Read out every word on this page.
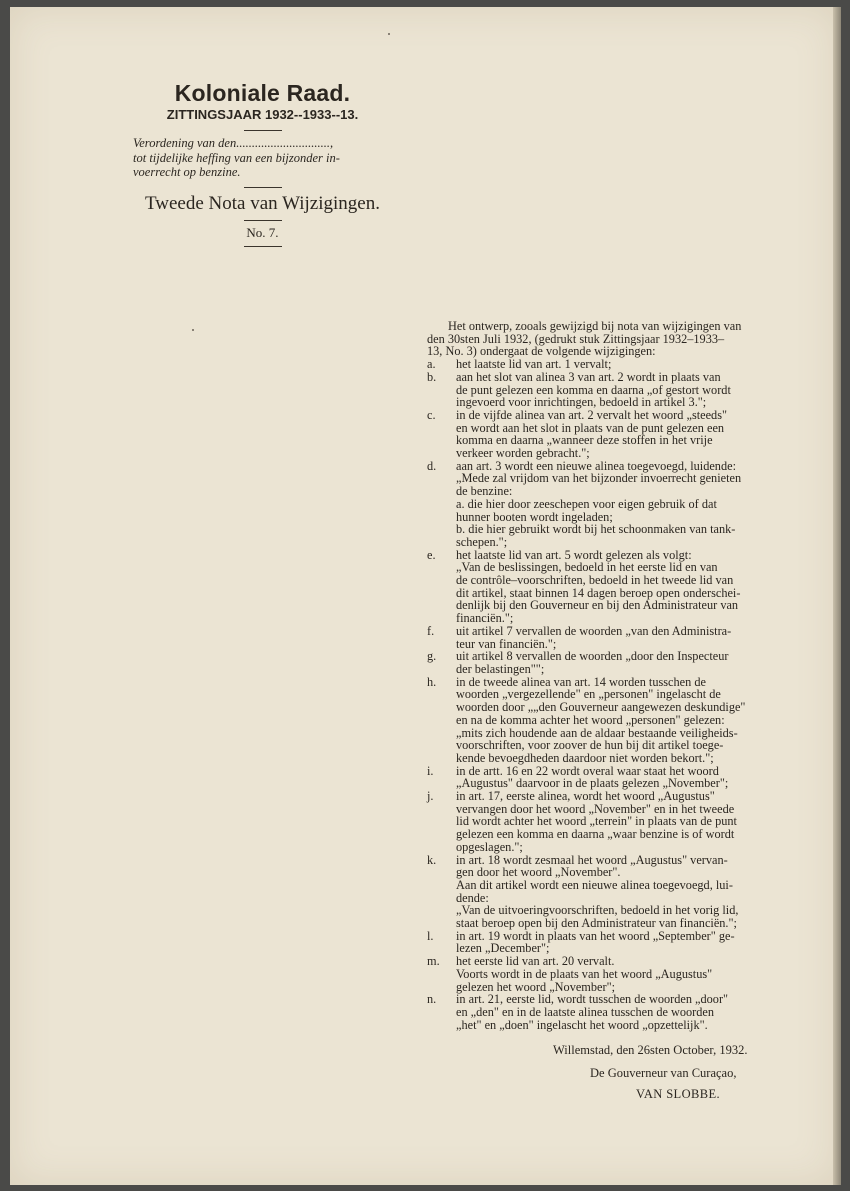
Koloniale Raad.
ZITTINGSJAAR 1932--1933--13.
Verordening van den..............................,
tot tijdelijke heffing van een bijzonder in-
voerrecht op benzine.
Tweede Nota van Wijzigingen.
No. 7.
Het ontwerp, zooals gewijzigd bij nota van wijzigingen van
den 30sten Juli 1932, (gedrukt stuk Zittingsjaar 1932–1933–
13, No. 3) ondergaat de volgende wijzigingen:
a. het laatste lid van art. 1 vervalt;
b. aan het slot van alinea 3 van art. 2 wordt in plaats van
de punt gelezen een komma en daarna „of gestort wordt
ingevoerd voor inrichtingen, bedoeld in artikel 3.";
c. in de vijfde alinea van art. 2 vervalt het woord „steeds"
en wordt aan het slot in plaats van de punt gelezen een
komma en daarna „wanneer deze stoffen in het vrije
verkeer worden gebracht.";
d. aan art. 3 wordt een nieuwe alinea toegevoegd, luidende:
„Mede zal vrijdom van het bijzonder invoerrecht genieten
de benzine:
a. die hier door zeeschepen voor eigen gebruik of dat
hunner booten wordt ingeladen;
b. die hier gebruikt wordt bij het schoonmaken van tank-
schepen.";
e. het laatste lid van art. 5 wordt gelezen als volgt:
„Van de beslissingen, bedoeld in het eerste lid en van
de contrôle–voorschriften, bedoeld in het tweede lid van
dit artikel, staat binnen 14 dagen beroep open onderschei-
denlijk bij den Gouverneur en bij den Administrateur van
financiën.";
f. uit artikel 7 vervallen de woorden „van den Administra-
teur van financiën.";
g. uit artikel 8 vervallen de woorden „door den Inspecteur
der belastingen"";
h. in de tweede alinea van art. 14 worden tusschen de
woorden „vergezellende" en „personen" ingelascht de
woorden door „„den Gouverneur aangewezen deskundige"
en na de komma achter het woord „personen" gelezen:
„mits zich houdende aan de aldaar bestaande veiligheids-
voorschriften, voor zoover de hun bij dit artikel toege-
kende bevoegdheden daardoor niet worden bekort.";
i. in de artt. 16 en 22 wordt overal waar staat het woord
„Augustus" daarvoor in de plaats gelezen „November";
j. in art. 17, eerste alinea, wordt het woord „Augustus"
vervangen door het woord „November" en in het tweede
lid wordt achter het woord „terrein" in plaats van de punt
gelezen een komma en daarna „waar benzine is of wordt
opgeslagen.";
k. in art. 18 wordt zesmaal het woord „Augustus" vervan-
gen door het woord „November".
Aan dit artikel wordt een nieuwe alinea toegevoegd, lui-
dende:
„Van de uitvoeringvoorschriften, bedoeld in het vorig lid,
staat beroep open bij den Administrateur van financiën.";
l. in art. 19 wordt in plaats van het woord „September" ge-
lezen „December";
m. het eerste lid van art. 20 vervalt.
Voorts wordt in de plaats van het woord „Augustus"
gelezen het woord „November";
n. in art. 21, eerste lid, wordt tusschen de woorden „door"
en „den" en in de laatste alinea tusschen de woorden
„het" en „doen" ingelascht het woord „opzettelijk".
Willemstad, den 26sten October, 1932.
De Gouverneur van Curaçao,
VAN SLOBBE.
